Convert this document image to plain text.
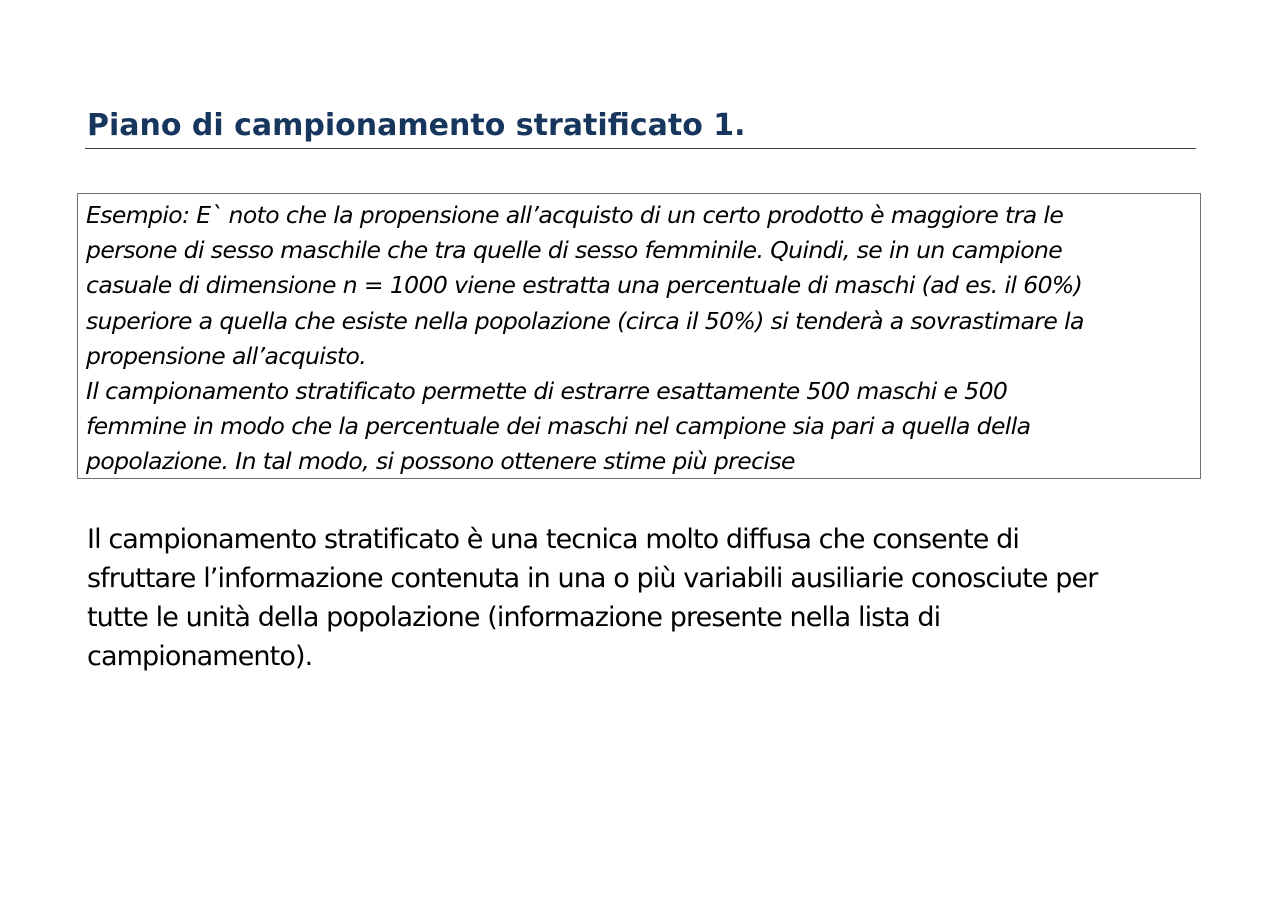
Piano di campionamento stratificato 1.
Esempio: E` noto che la propensione all’acquisto di un certo prodotto è maggiore tra le
persone di sesso maschile che tra quelle di sesso femminile. Quindi, se in un campione
casuale di dimensione n = 1000 viene estratta una percentuale di maschi (ad es. il 60%)
superiore a quella che esiste nella popolazione (circa il 50%) si tenderà a sovrastimare la
propensione all’acquisto.
Il campionamento stratificato permette di estrarre esattamente 500 maschi e 500
femmine in modo che la percentuale dei maschi nel campione sia pari a quella della
popolazione. In tal modo, si possono ottenere stime più precise
Il campionamento stratificato è una tecnica molto diffusa che consente di
sfruttare l’informazione contenuta in una o più variabili ausiliarie conosciute per
tutte le unità della popolazione (informazione presente nella lista di
campionamento).
